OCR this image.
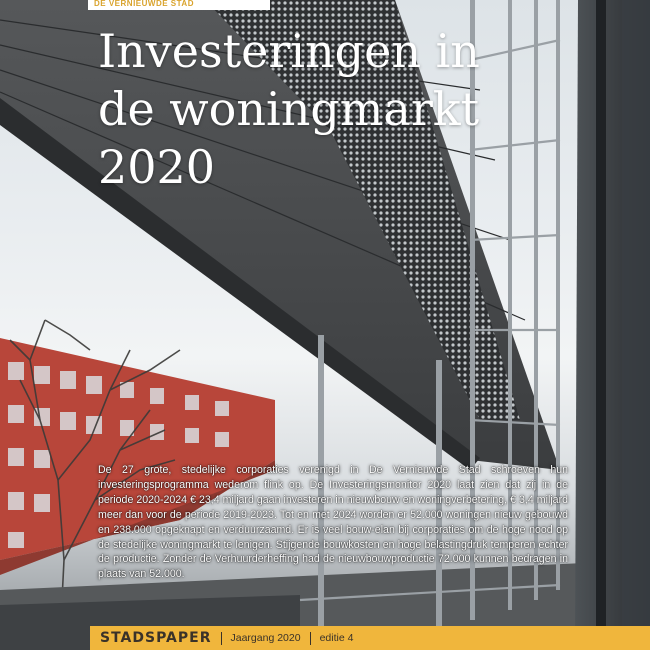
DE VERNIEUWDE STAD
Investeringen in
de woningmarkt
2020

De 27 grote, stedelijke corporaties verenigd in De Vernieuwde Stad schroeven hun investeringsprogramma wederom flink op. De Investeringsmonitor 2020 laat zien dat zij in de periode 2020-2024 € 23,4 miljard gaan investeren in nieuwbouw en woningverbetering, € 3,4 miljard meer dan voor de periode 2019-2023. Tot en met 2024 worden er 52.000 woningen nieuw gebouwd en 238.000 opgeknapt en verduurzaamd. Er is veel bouw-elan bij corporaties om de hoge nood op de stedelijke woningmarkt te lenigen. Stijgende bouwkosten en hoge belastingdruk temperen echter de productie. Zonder de Verhuurderheffing had de nieuwbouwproductie 72.000 kunnen bedragen in plaats van 52.000.

STADSPAPER Jaargang 2020 editie 4
